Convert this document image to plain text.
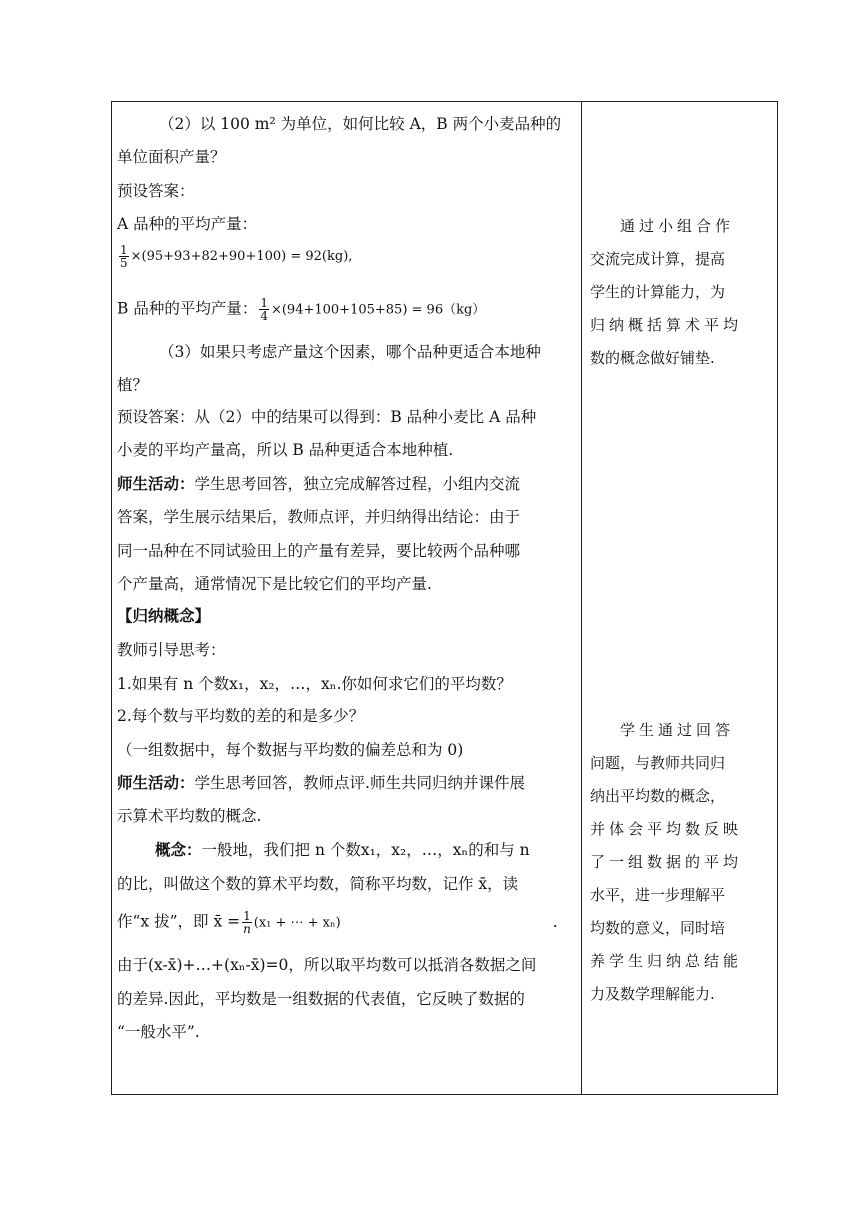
（2）以 100 m² 为单位，如何比较 A，B 两个小麦品种的
单位面积产量？
预设答案：
A 品种的平均产量：
$\frac{1}{5} \times(95+93+82+90+100) = 92(kg)$,
B 品种的平均产量： $\frac{1}{4} \times(94+100+105+85) = 96(kg)$
（3）如果只考虑产量这个因素，哪个品种更适合本地种
植？
预设答案：从（2）中的结果可以得到：B 品种小麦比 A 品种
小麦的平均产量高，所以 B 品种更适合本地种植.
师生活动：学生思考回答，独立完成解答过程，小组内交流
答案，学生展示结果后，教师点评，并归纳得出结论：由于
同一品种在不同试验田上的产量有差异，要比较两个品种哪
个产量高，通常情况下是比较它们的平均产量.
【归纳概念】
教师引导思考：
1.如果有 n 个数x₁，x₂，…，xₙ.你如何求它们的平均数？
2.每个数与平均数的差的和是多少？
（一组数据中，每个数据与平均数的偏差总和为 0)
师生活动：学生思考回答，教师点评.师生共同归纳并课件展
示算术平均数的概念.
概念：一般地，我们把 n 个数x₁，x₂，…，xₙ的和与 n
的比，叫做这个数的算术平均数，简称平均数，记作 x̄，读
作“x 拔”，即 x̄ = $\frac{1}{n} (x_1$ + ⋯ + xₙ)	.
由于(x-x̄)+…+(xₙ-x̄)=0，所以取平均数可以抵消各数据之间
的差异.因此，平均数是一组数据的代表值，它反映了数据的
“一般水平”.
通过小组合作
交流完成计算，提高
学生的计算能力，为
归纳概括算术平均
数的概念做好铺垫.
学生通过回答
问题，与教师共同归
纳出平均数的概念，
并体会平均数反映
了一组数据的平均
水平，进一步理解平
均数的意义，同时培
养学生归纳总结能
力及数学理解能力.
